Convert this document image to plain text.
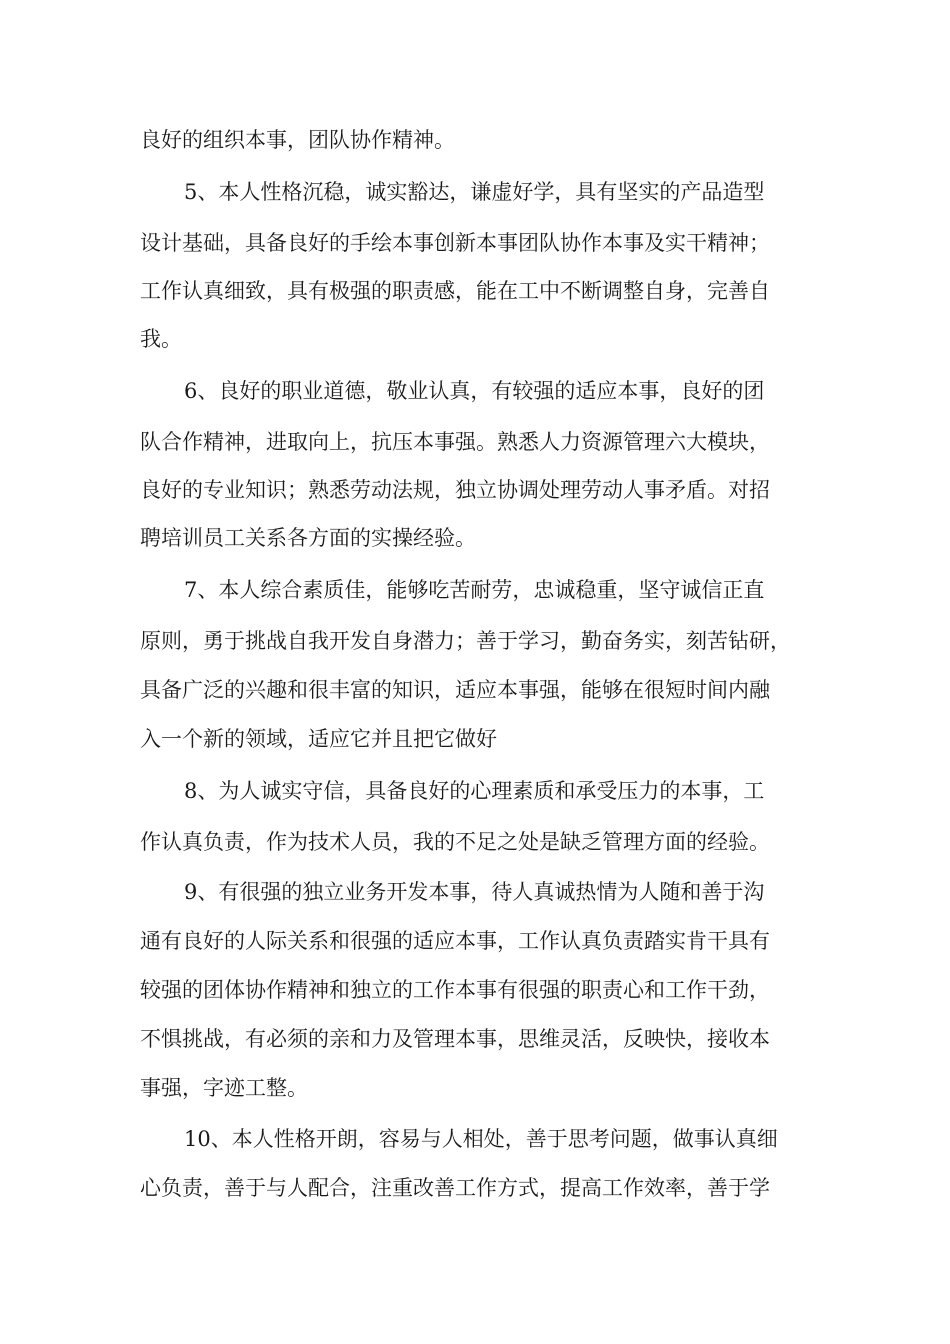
良好的组织本事，团队协作精神。
5、本人性格沉稳，诚实豁达，谦虚好学，具有坚实的产品造型
设计基础，具备良好的手绘本事创新本事团队协作本事及实干精神；
工作认真细致，具有极强的职责感，能在工中不断调整自身，完善自
我。
6、良好的职业道德，敬业认真，有较强的适应本事，良好的团
队合作精神，进取向上，抗压本事强。熟悉人力资源管理六大模块，
良好的专业知识；熟悉劳动法规，独立协调处理劳动人事矛盾。对招
聘培训员工关系各方面的实操经验。
7、本人综合素质佳，能够吃苦耐劳，忠诚稳重，坚守诚信正直
原则，勇于挑战自我开发自身潜力；善于学习，勤奋务实，刻苦钻研，
具备广泛的兴趣和很丰富的知识，适应本事强，能够在很短时间内融
入一个新的领域，适应它并且把它做好
8、为人诚实守信，具备良好的心理素质和承受压力的本事，工
作认真负责，作为技术人员，我的不足之处是缺乏管理方面的经验。
9、有很强的独立业务开发本事，待人真诚热情为人随和善于沟
通有良好的人际关系和很强的适应本事，工作认真负责踏实肯干具有
较强的团体协作精神和独立的工作本事有很强的职责心和工作干劲，
不惧挑战，有必须的亲和力及管理本事，思维灵活，反映快，接收本
事强，字迹工整。
10、本人性格开朗，容易与人相处，善于思考问题，做事认真细
心负责，善于与人配合，注重改善工作方式，提高工作效率，善于学
